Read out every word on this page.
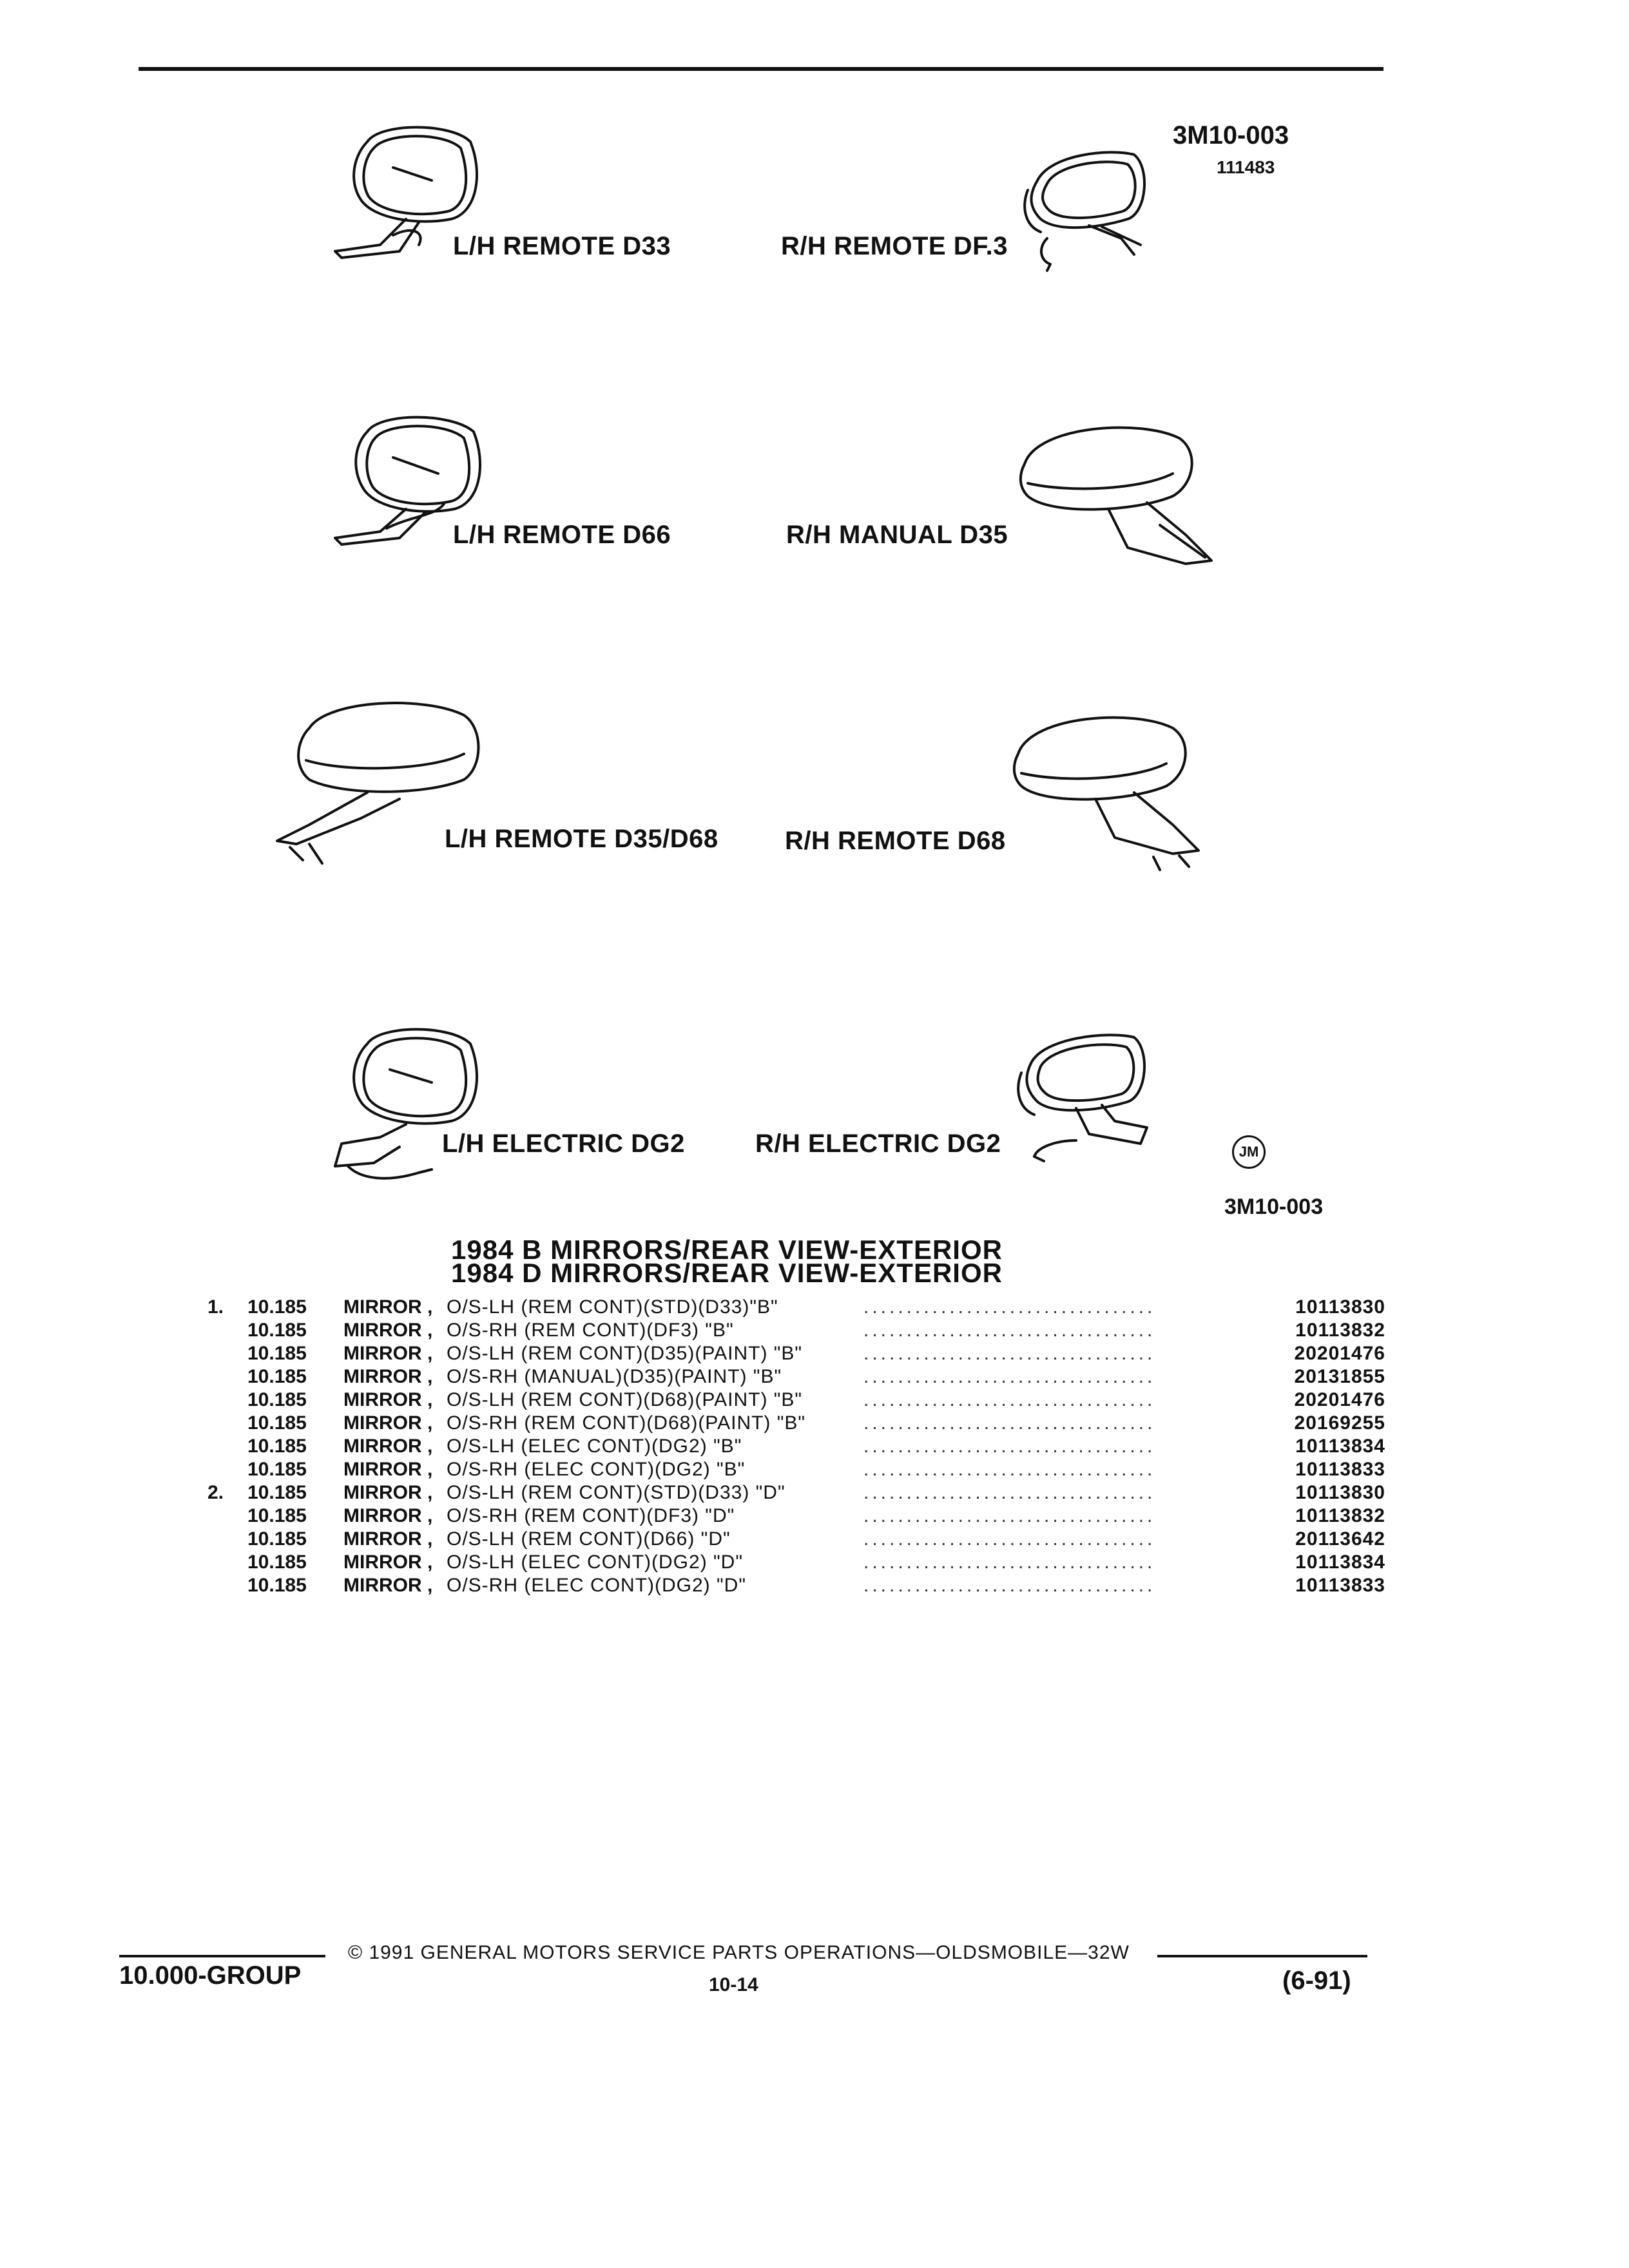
3M10-003
111483
L/H REMOTE D33	R/H REMOTE DF.3
L/H REMOTE D66	R/H MANUAL D35
L/H REMOTE D35/D68	R/H REMOTE D68
L/H ELECTRIC DG2	R/H ELECTRIC DG2	JM
3M10-003
1984 B MIRRORS/REAR VIEW-EXTERIOR
1984 D MIRRORS/REAR VIEW-EXTERIOR
1. 10.185 MIRROR , O/S-LH (REM CONT)(STD)(D33)"B"	..................................	10113830
10.185 MIRROR , O/S-RH (REM CONT)(DF3) "B"	..................................	10113832
10.185 MIRROR , O/S-LH (REM CONT)(D35)(PAINT) "B"	..................................	20201476
10.185 MIRROR , O/S-RH (MANUAL)(D35)(PAINT) "B"	..................................	20131855
10.185 MIRROR , O/S-LH (REM CONT)(D68)(PAINT) "B"	..................................	20201476
10.185 MIRROR , O/S-RH (REM CONT)(D68)(PAINT) "B"	..................................	20169255
10.185 MIRROR , O/S-LH (ELEC CONT)(DG2) "B"	..................................	10113834
10.185 MIRROR , O/S-RH (ELEC CONT)(DG2) "B"	..................................	10113833
2. 10.185 MIRROR , O/S-LH (REM CONT)(STD)(D33) "D"	..................................	10113830
10.185 MIRROR , O/S-RH (REM CONT)(DF3) "D"	..................................	10113832
10.185 MIRROR , O/S-LH (REM CONT)(D66) "D"	..................................	20113642
10.185 MIRROR , O/S-LH (ELEC CONT)(DG2) "D"	..................................	10113834
10.185 MIRROR , O/S-RH (ELEC CONT)(DG2) "D"	..................................	10113833
© 1991 GENERAL MOTORS SERVICE PARTS OPERATIONS—OLDSMOBILE—32W
10.000-GROUP	10-14	(6-91)
